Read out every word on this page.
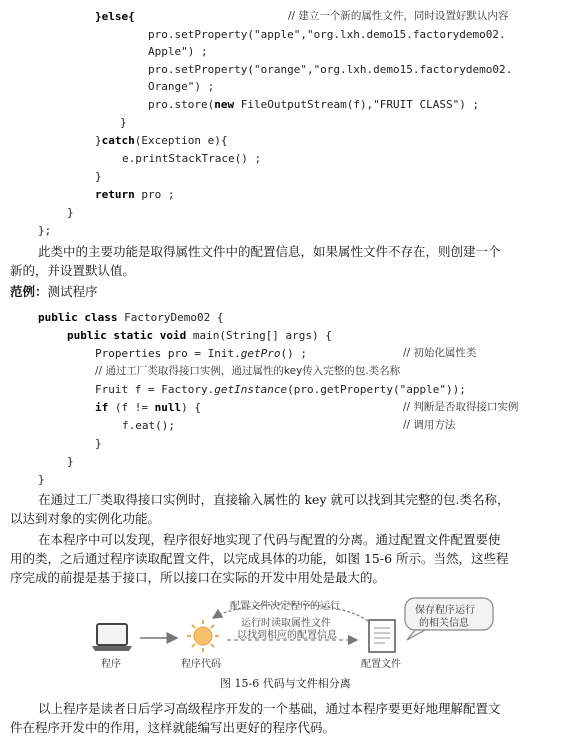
}else{	// 建立一个新的属性文件，同时设置好默认内容
pro.setProperty("apple","org.lxh.demo15.factorydemo02.
Apple") ;
pro.setProperty("orange","org.lxh.demo15.factorydemo02.
Orange") ;
pro.store(new FileOutputStream(f),"FRUIT CLASS") ;
}
}catch(Exception e){
e.printStackTrace() ;
}
return pro ;
}
};
此类中的主要功能是取得属性文件中的配置信息，如果属性文件不存在，则创建一个
新的，并设置默认值。
范例：测试程序
public class FactoryDemo02 {
public static void main(String[] args) {
Properties pro = Init.getPro() ;	// 初始化属性类
// 通过工厂类取得接口实例，通过属性的key传入完整的包.类名称
Fruit f = Factory.getInstance(pro.getProperty("apple"));
if (f != null) {	// 判断是否取得接口实例
f.eat();	// 调用方法
}
}
}
在通过工厂类取得接口实例时，直接输入属性的 key 就可以找到其完整的包.类名称，
以达到对象的实例化功能。
在本程序中可以发现，程序很好地实现了代码与配置的分离。通过配置文件配置要使
用的类，之后通过程序读取配置文件，以完成具体的功能，如图 15-6 所示。当然，这些程
序完成的前提是基于接口，所以接口在实际的开发中用处是最大的。
配置文件决定程序的运行	保存程序运行
的相关信息
运行时读取属性文件
以找到相应的配置信息
程序	程序代码	配置文件
图 15-6 代码与文件相分离
以上程序是读者日后学习高级程序开发的一个基础，通过本程序要更好地理解配置文
件在程序开发中的作用，这样就能编写出更好的程序代码。
